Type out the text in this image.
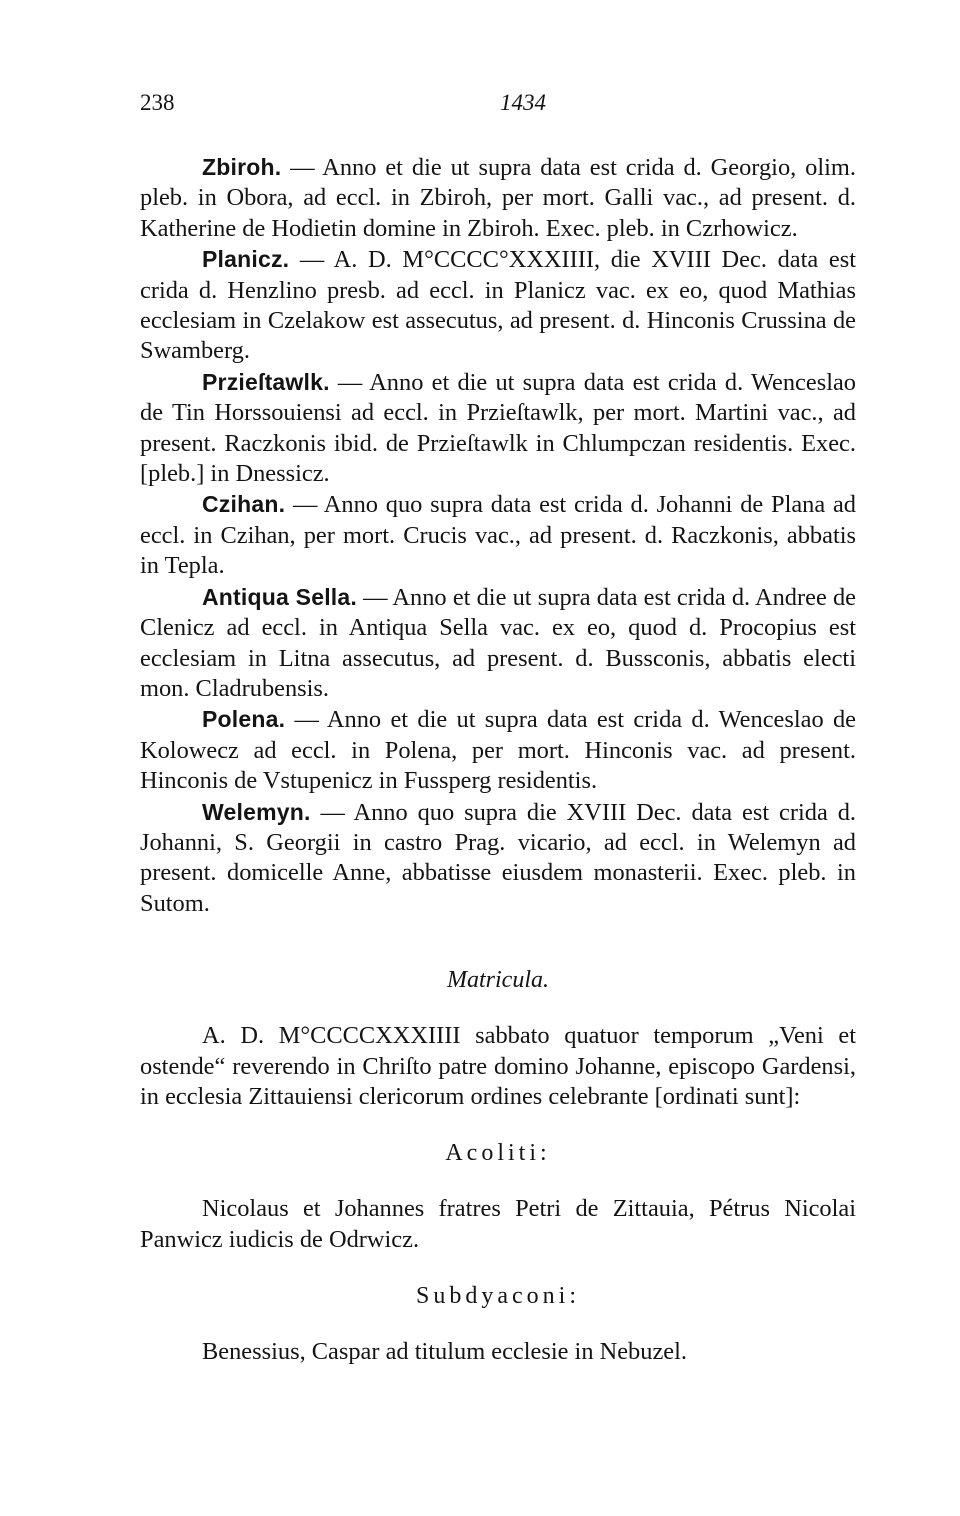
238	1434

Zbiroh. — Anno et die ut supra data est crida d. Georgio, olim. pleb. in Obora, ad eccl. in Zbiroh, per mort. Galli vac., ad present. d. Katherine de Hodietin domine in Zbiroh. Exec. pleb. in Czrhowicz.

Planicz. — A. D. M°CCCC°XXXIIII, die XVIII Dec. data est crida d. Henzlino presb. ad eccl. in Planicz vac. ex eo, quod Mathias ecclesiam in Czelakow est assecutus, ad present. d. Hinconis Crussina de Swamberg.

Przieſtawlk. — Anno et die ut supra data est crida d. Wenceslao de Tin Horssouiensi ad eccl. in Przieſtawlk, per mort. Martini vac., ad present. Raczkonis ibid. de Przieſtawlk in Chlumpczan residentis. Exec. [pleb.] in Dnessicz.

Czihan. — Anno quo supra data est crida d. Johanni de Plana ad eccl. in Czihan, per mort. Crucis vac., ad present. d. Raczkonis, abbatis in Tepla.

Antiqua Sella. — Anno et die ut supra data est crida d. Andree de Clenicz ad eccl. in Antiqua Sella vac. ex eo, quod d. Procopius est ecclesiam in Litna assecutus, ad present. d. Bussconis, abbatis electi mon. Cladrubensis.

Polena. — Anno et die ut supra data est crida d. Wenceslao de Kolowecz ad eccl. in Polena, per mort. Hinconis vac. ad present. Hinconis de Vstupenicz in Fussperg residentis.

Welemyn. — Anno quo supra die XVIII Dec. data est crida d. Johanni, S. Georgii in castro Prag. vicario, ad eccl. in Welemyn ad present. domicelle Anne, abbatisse eiusdem monasterii. Exec. pleb. in Sutom.

Matricula.

A. D. M°CCCCXXXIIII sabbato quatuor temporum „Veni et ostende“ reverendo in Chriſto patre domino Johanne, episcopo Gardensi, in ecclesia Zittauiensi clericorum ordines celebrante [ordinati sunt]:

Acoliti:

Nicolaus et Johannes fratres Petri de Zittauia, Pétrus Nicolai Panwicz iudicis de Odrwicz.

Subdyaconi:

Benessius, Caspar ad titulum ecclesie in Nebuzel.
